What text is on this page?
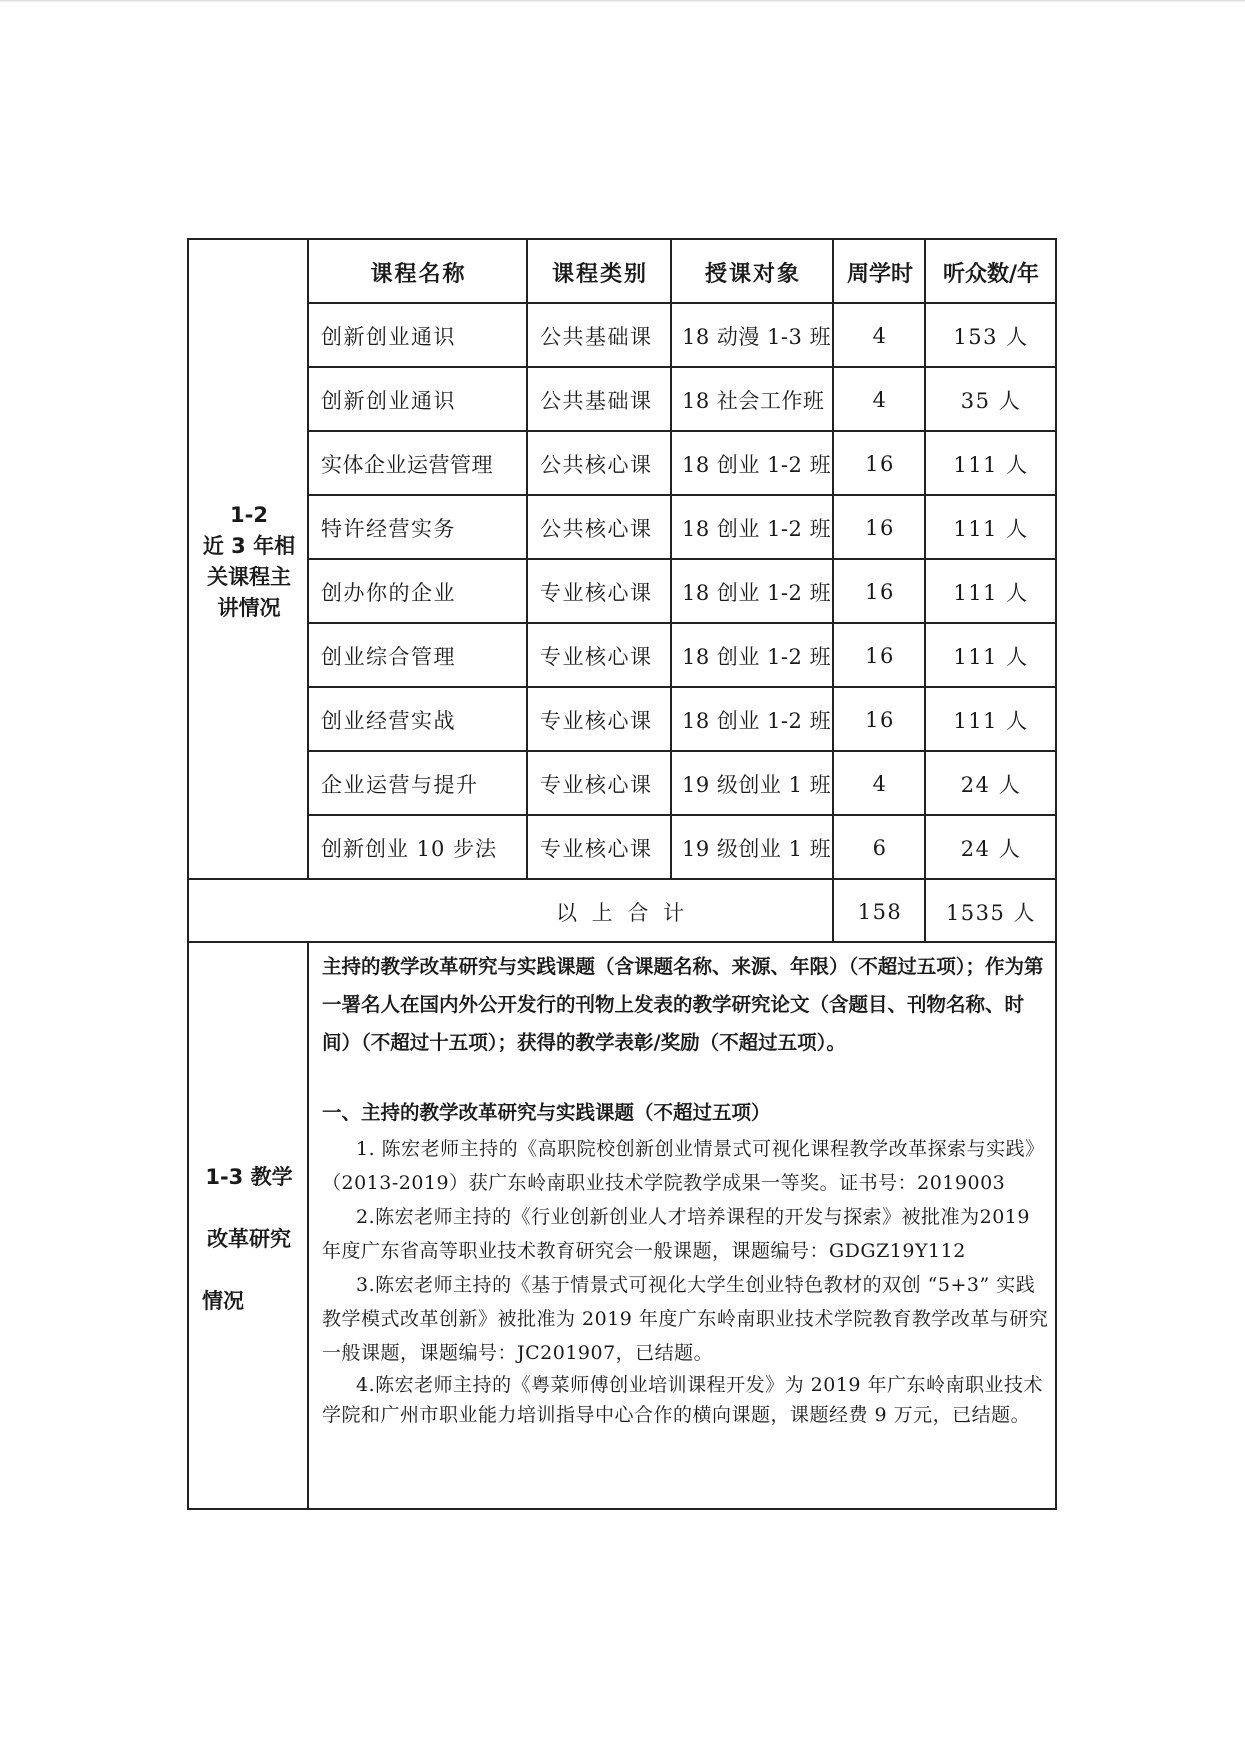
1-2
近 3 年相
关课程主
讲情况
课程名称	课程类别	授课对象	周学时	听众数/年
创新创业通识	公共基础课	18 动漫 1-3 班	4	153 人
创新创业通识	公共基础课	18 社会工作班	4	35 人
实体企业运营管理	公共核心课	18 创业 1-2 班	16	111 人
特许经营实务	公共核心课	18 创业 1-2 班	16	111 人
创办你的企业	专业核心课	18 创业 1-2 班	16	111 人
创业综合管理	专业核心课	18 创业 1-2 班	16	111 人
创业经营实战	专业核心课	18 创业 1-2 班	16	111 人
企业运营与提升	专业核心课	19 级创业 1 班	4	24 人
创新创业 10 步法	专业核心课	19 级创业 1 班	6	24 人
以 上 合 计	158	1535 人
1-3 教学
改革研究
情况

主持的教学改革研究与实践课题（含课题名称、来源、年限）（不超过五项）；作为第一署名人在国内外公开发行的刊物上发表的教学研究论文（含题目、刊物名称、时间）（不超过十五项）；获得的教学表彰/奖励（不超过五项）。

一、主持的教学改革研究与实践课题（不超过五项）

1. 陈宏老师主持的《高职院校创新创业情景式可视化课程教学改革探索与实践》（2013-2019）获广东岭南职业技术学院教学成果一等奖。证书号：2019003

2.陈宏老师主持的《行业创新创业人才培养课程的开发与探索》被批准为2019 年度广东省高等职业技术教育研究会一般课题，课题编号：GDGZ19Y112

3.陈宏老师主持的《基于情景式可视化大学生创业特色教材的双创 “5+3” 实践教学模式改革创新》被批准为 2019 年度广东岭南职业技术学院教育教学改革与研究一般课题，课题编号：JC201907，已结题。

4.陈宏老师主持的《粤菜师傅创业培训课程开发》为 2019 年广东岭南职业技术学院和广州市职业能力培训指导中心合作的横向课题，课题经费 9 万元，已结题。
